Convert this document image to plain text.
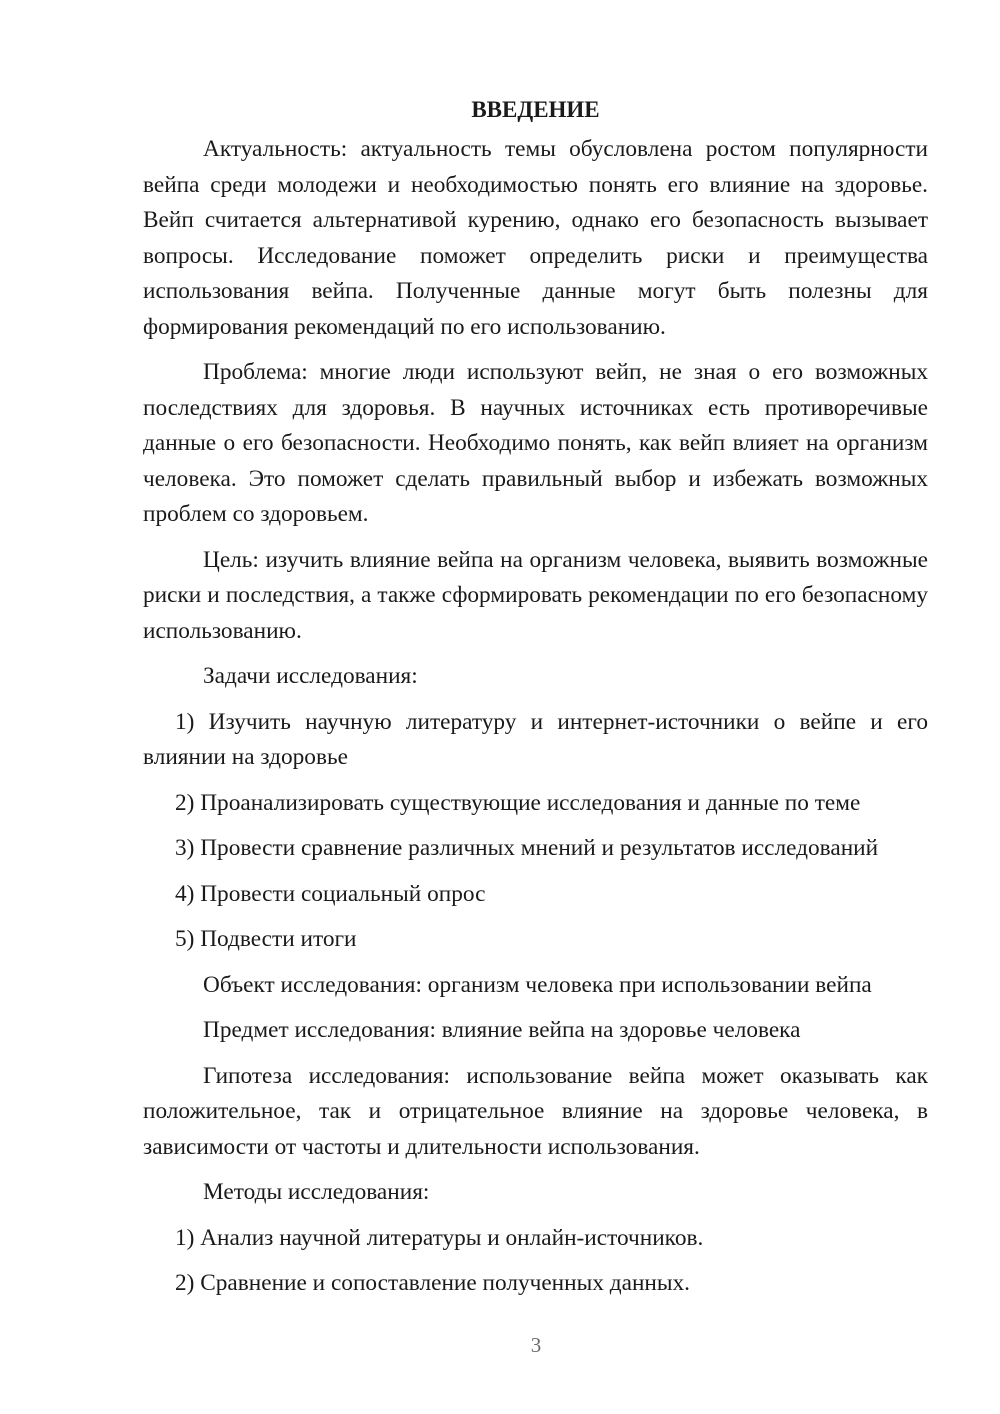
ВВЕДЕНИЕ

Актуальность: актуальность темы обусловлена ростом популярности вейпа среди молодежи и необходимостью понять его влияние на здоровье. Вейп считается альтернативой курению, однако его безопасность вызывает вопросы. Исследование поможет определить риски и преимущества использования вейпа. Полученные данные могут быть полезны для формирования рекомендаций по его использованию.

Проблема: многие люди используют вейп, не зная о его возможных последствиях для здоровья. В научных источниках есть противоречивые данные о его безопасности. Необходимо понять, как вейп влияет на организм человека. Это поможет сделать правильный выбор и избежать возможных проблем со здоровьем.

Цель: изучить влияние вейпа на организм человека, выявить возможные риски и последствия, а также сформировать рекомендации по его безопасному использованию.

Задачи исследования:

1) Изучить научную литературу и интернет-источники о вейпе и его влиянии на здоровье

2) Проанализировать существующие исследования и данные по теме

3) Провести сравнение различных мнений и результатов исследований

4) Провести социальный опрос

5) Подвести итоги

Объект исследования: организм человека при использовании вейпа

Предмет исследования: влияние вейпа на здоровье человека

Гипотеза исследования: использование вейпа может оказывать как положительное, так и отрицательное влияние на здоровье человека, в зависимости от частоты и длительности использования.

Методы исследования:

1) Анализ научной литературы и онлайн-источников.

2) Сравнение и сопоставление полученных данных.

3
